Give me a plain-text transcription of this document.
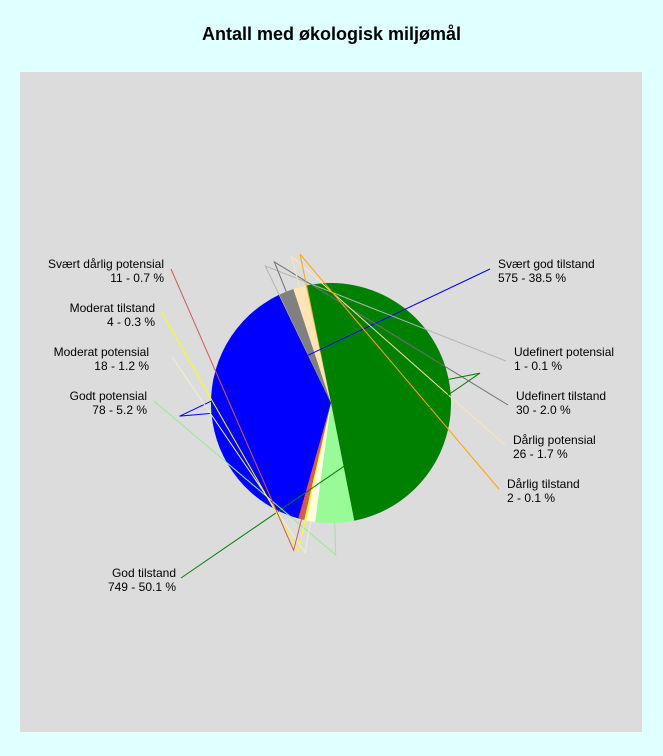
Antall med økologisk miljømål
Svært god tilstand
575 - 38.5 %
Udefinert potensial
1 - 0.1 %
Udefinert tilstand
30 - 2.0 %
Dårlig potensial
26 - 1.7 %
Dårlig tilstand
2 - 0.1 %
God tilstand
749 - 50.1 %
Godt potensial
78 - 5.2 %
Moderat potensial
18 - 1.2 %
Moderat tilstand
4 - 0.3 %
Svært dårlig potensial
11 - 0.7 %
